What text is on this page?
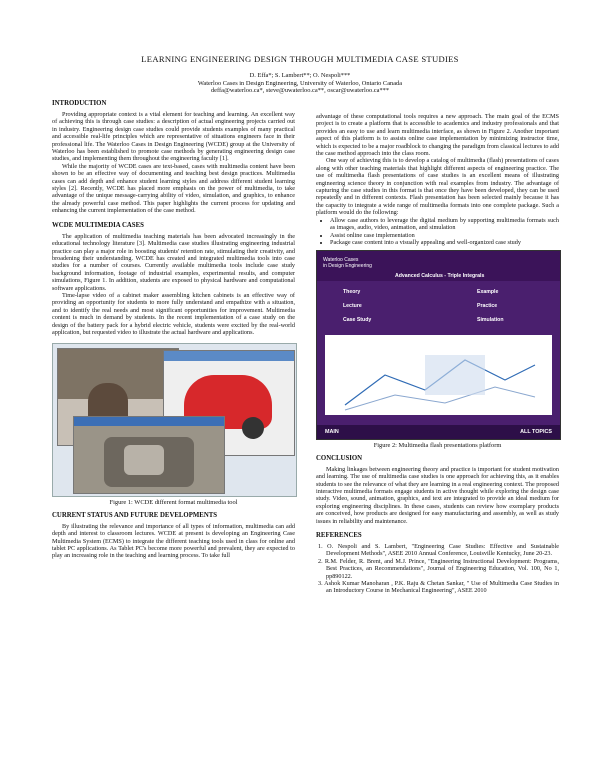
LEARNING ENGINEERING DESIGN THROUGH MULTIMEDIA CASE STUDIES
D. Effa*; S. Lambert**; O. Nespoli***
Waterloo Cases in Design Engineering, University of Waterloo, Ontario Canada
deffa@waterloo.ca*, steve@uwaterloo.ca**, oscar@uwaterloo.ca***
INTRODUCTION

Providing appropriate context is a vital element for teaching and learning. An excellent way of achieving this is through case studies: a description of actual engineering projects carried out in industry. Engineering design case studies could provide students examples of many practical and accessible real-life principles which are representative of situations engineers face in their professional life. The Waterloo Cases in Design Engineering (WCDE) group at the University of Waterloo has been established to promote case methods by generating engineering design case studies, and implementing them throughout the engineering faculty [1].

While the majority of WCDE cases are text-based, cases with multimedia content have been shown to be an effective way of documenting and teaching best design practices. Multimedia cases can add depth and enhance student learning styles and address different student learning styles [2]. Recently, WCDE has placed more emphasis on the power of multimedia, to take advantage of the unique message-carrying ability of video, simulation, and graphics, to enhance the already powerful case method. This paper highlights the current process for updating and enhancing the current implementation of the case method.

WCDE MULTIMEDIA CASES

The application of multimedia teaching materials has been advocated increasingly in the educational technology literature [3]. Multimedia case studies illustrating engineering industrial practice can play a major role in boosting students' retention rate, stimulating their creativity, and broadening their understanding. WCDE has created and integrated multimedia tools into case studies for a number of courses. Currently available multimedia tools include case study background information, footage of industrial examples, experimental results, and computer simulations, Figure 1. In addition, students are exposed to physical hardware and computational software applications.

Time-lapse video of a cabinet maker assembling kitchen cabinets is an effective way of providing an opportunity for students to more fully understand and empathize with a situation, and to identify the real needs and most significant opportunities for improvement. Multimedia content is much in demand by students. In the recent implementation of a case study on the design of the battery pack for a hybrid electric vehicle, students were excited by the real-world application, but requested video to illustrate the actual hardware and applications.

Figure 1: WCDE different format multimedia tool
CURRENT STATUS AND FUTURE DEVELOPMENTS

By illustrating the relevance and importance of all types of information, multimedia can add depth and interest to classroom lectures. WCDE at present is developing an Engineering Case Multimedia System (ECMS) to integrate the different teaching tools used in class for online and tablet PC applications. As Tablet PC's become more powerful and prevalent, they are expected to play an increasing role in the teaching and learning process. To take full

advantage of these computational tools requires a new approach. The main goal of the ECMS project is to create a platform that is accessible to academics and industry professionals and that provides an easy to use and learn multimedia interface, as shown in Figure 2. Another important aspect of this platform is to assists online case implementation by minimizing instructor time, which is expected to be a major roadblock to changing the paradigm from classical lectures to add the case method approach into the class room.

One way of achieving this is to develop a catalog of multimedia (flash) presentations of cases along with other teaching materials that highlight different aspects of engineering practice. The use of multimedia flash presentations of case studies is an excellent means of illustrating engineering science theory in conjunction with real examples from industry. The advantage of capturing the case studies in this format is that once they have been developed, they can be used repeatedly and in different contexts. Flash presentation has been selected mainly because it has the capacity to integrate a wide range of multimedia formats into one complete package. Such a platform would do the following:

• Allow case authors to leverage the digital medium by supporting multimedia formats such as images, audio, video, animation, and simulation
• Assist online case implementation
• Package case content into a visually appealing and well-organized case study
Waterloo Cases
in Design Engineering
Advanced Calculus - Triple Integrals
Theory
Lecture
Case Study
Example
Practice
Simulation
MAIN	ALL TOPICS
Figure 2: Multimedia flash presentations platform
CONCLUSION

Making linkages between engineering theory and practice is important for student motivation and learning. The use of multimedia case studies is one approach for achieving this, as it enables students to see the relevance of what they are learning in a real engineering context. The proposed interactive multimedia formats engage students in active thought while exploring the design case study. Video, sound, animation, graphics, and text are integrated to provide an ideal medium for exploring engineering disciplines. In these cases, students can review how exemplary products are conceived, how products are designed for easy manufacturing and assembly, as well as study issues in reliability and maintenance.

REFERENCES
1. O. Nespoli and S. Lambert, "Engineering Case Studies: Effective and Sustainable Development Methods", ASEE 2010 Annual Conference, Louisville Kentucky, June 20-23.
2. R.M. Felder, R. Brent, and M.J. Prince, "Engineering Instructional Development: Programs, Best Practices, an Recommendations", Journal of Engineering Education, Vol. 100, No 1, pp890122.
3. Ashok Kumar Manoharan , P.K. Raju & Chetan Sankar, " Use of Multimedia Case Studies in an Introductory Course in Mechanical Engineering", ASEE 2010
